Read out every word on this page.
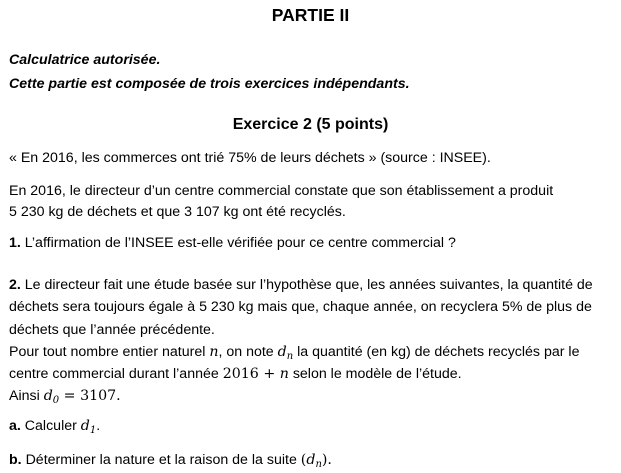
PARTIE II
Calculatrice autorisée.
Cette partie est composée de trois exercices indépendants.
Exercice 2 (5 points)
« En 2016, les commerces ont trié 75% de leurs déchets » (source : INSEE).
En 2016, le directeur d’un centre commercial constate que son établissement a produit
5 230 kg de déchets et que 3 107 kg ont été recyclés.
1. L’affirmation de l’INSEE est-elle vérifiée pour ce centre commercial ?
2. Le directeur fait une étude basée sur l’hypothèse que, les années suivantes, la quantité de
déchets sera toujours égale à 5 230 kg mais que, chaque année, on recyclera 5% de plus de
déchets que l’année précédente.
Pour tout nombre entier naturel n, on note $d_n$ la quantité (en kg) de déchets recyclés par le
centre commercial durant l’année 2016 + n selon le modèle de l’étude.
Ainsi $d_0 = 3107$.
a. Calculer $d_1$.
b. Déterminer la nature et la raison de la suite $(d_n)$.
